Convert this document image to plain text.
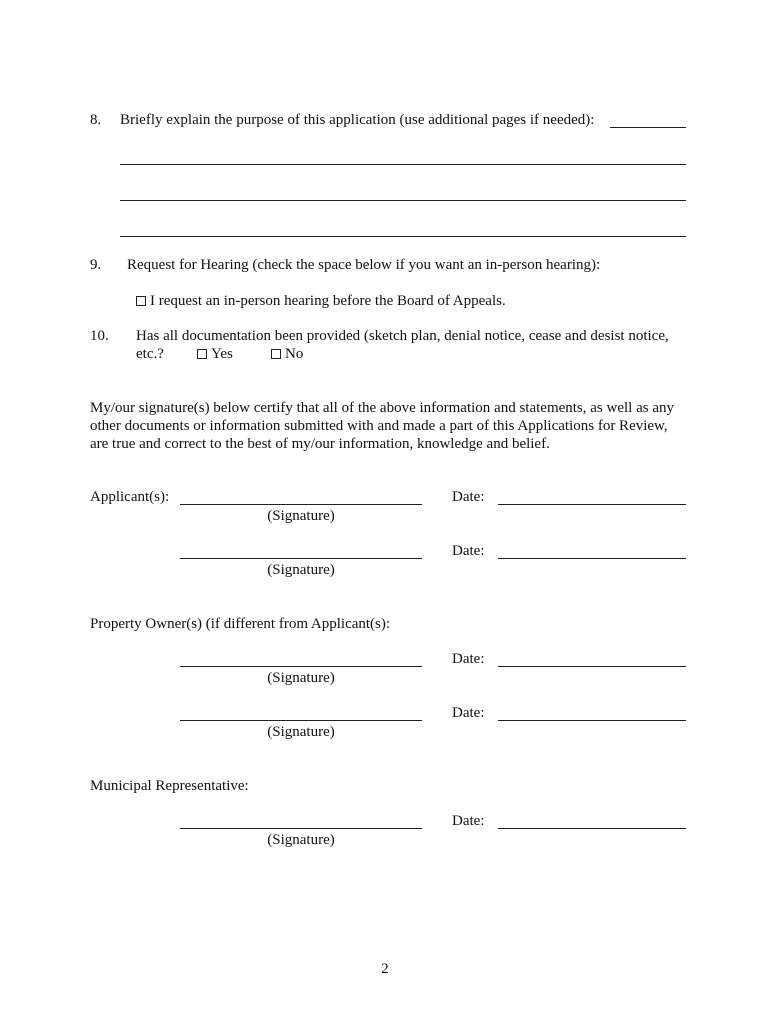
8. Briefly explain the purpose of this application (use additional pages if needed):
9. Request for Hearing (check the space below if you want an in-person hearing):
I request an in-person hearing before the Board of Appeals.
10. Has all documentation been provided (sketch plan, denial notice, cease and desist notice,
etc.?	Yes	No
My/our signature(s) below certify that all of the above information and statements, as well as any
other documents or information submitted with and made a part of this Applications for Review,
are true and correct to the best of my/our information, knowledge and belief.
Applicant(s):
(Signature)
Date:
(Signature)
Date:
Property Owner(s) (if different from Applicant(s):
(Signature)
Date:
(Signature)
Date:
Municipal Representative:
(Signature)
Date:
2
